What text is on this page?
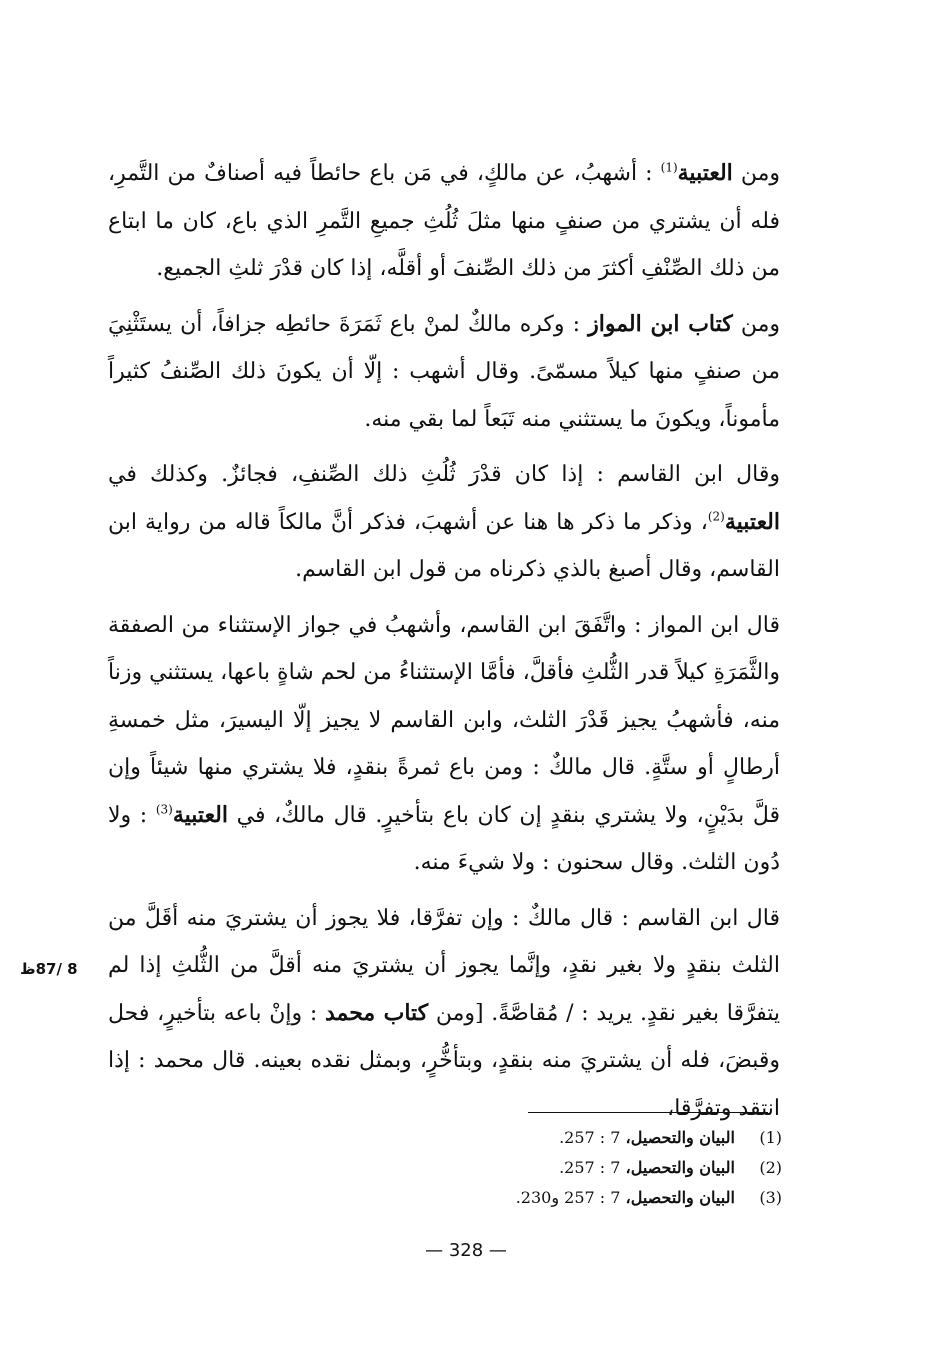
ومن العتبية$^{(1)}$ : أشهبُ، عن مالكٍ، في مَن باع حائطاً فيه أصنافٌ من التَّمرِ، فله أن يشتري من صنفٍ منها مثلَ ثُلُثِ جميعِ التَّمرِ الذي باع، كان ما ابتاع من ذلك الصِّنْفِ أكثرَ من ذلك الصِّنفَ أو أقلَّه، إذا كان قدْرَ ثلثِ الجميع.

ومن كتاب ابن المواز : وكره مالكٌ لمنْ باع ثَمَرَةَ حائطِه جزافاً، أن يستَثْنِيَ من صنفٍ منها كيلاً مسمّىً. وقال أشهب : إلّا أن يكونَ ذلك الصِّنفُ كثيراً مأموناً، ويكونَ ما يستثني منه تَبَعاً لما بقي منه.

وقال ابن القاسم : إذا كان قدْرَ ثُلُثِ ذلك الصِّنفِ، فجائزٌ. وكذلك في العتبية$^{(2)}$، وذكر ما ذكر ها هنا عن أشهبَ، فذكر أنَّ مالكاً قاله من رواية ابن القاسم، وقال أصبغ بالذي ذكرناه من قول ابن القاسم.

قال ابن المواز : واتَّفَقَ ابن القاسم، وأشهبُ في جواز الإستثناء من الصفقة والثَّمَرَةِ كيلاً قدر الثُّلثِ فأقلَّ، فأمَّا الإستثناءُ من لحم شاةٍ باعها، يستثني وزناً منه، فأشهبُ يجيز قَدْرَ الثلث، وابن القاسم لا يجيز إلّا اليسيرَ، مثل خمسةِ أرطالٍ أو ستَّةٍ. قال مالكٌ : ومن باع ثمرةً بنقدٍ، فلا يشتري منها شيئاً وإن قلَّ بدَيْنٍ، ولا يشتري بنقدٍ إن كان باع بتأخيرٍ. قال مالكٌ، في العتبية$^{(3)}$ : ولا دُون الثلث. وقال سحنون : ولا شيءَ منه.

قال ابن القاسم : قال مالكٌ : وإن تفرَّقا، فلا يجوز أن يشتريَ منه أقَلَّ من الثلث بنقدٍ ولا بغير نقدٍ، وإنَّما يجوز أن يشتريَ منه أقلَّ من الثُّلثِ إذا لم يتفرَّقا بغير نقدٍ. يريد : / مُقاصَّةً. [ومن كتاب محمد : وإنْ باعه بتأخيرٍ، فحل وقبضَ، فله أن يشتريَ منه بنقدٍ، وبتأخُّرٍ، وبمثل نقده بعينه. قال محمد : إذا انتقد وتفرَّقا،

8 /87ظ
(1) البيان والتحصيل، 7 : 257.
(2) البيان والتحصيل، 7 : 257.
(3) البيان والتحصيل، 7 : 257 و230.
— 328 —
